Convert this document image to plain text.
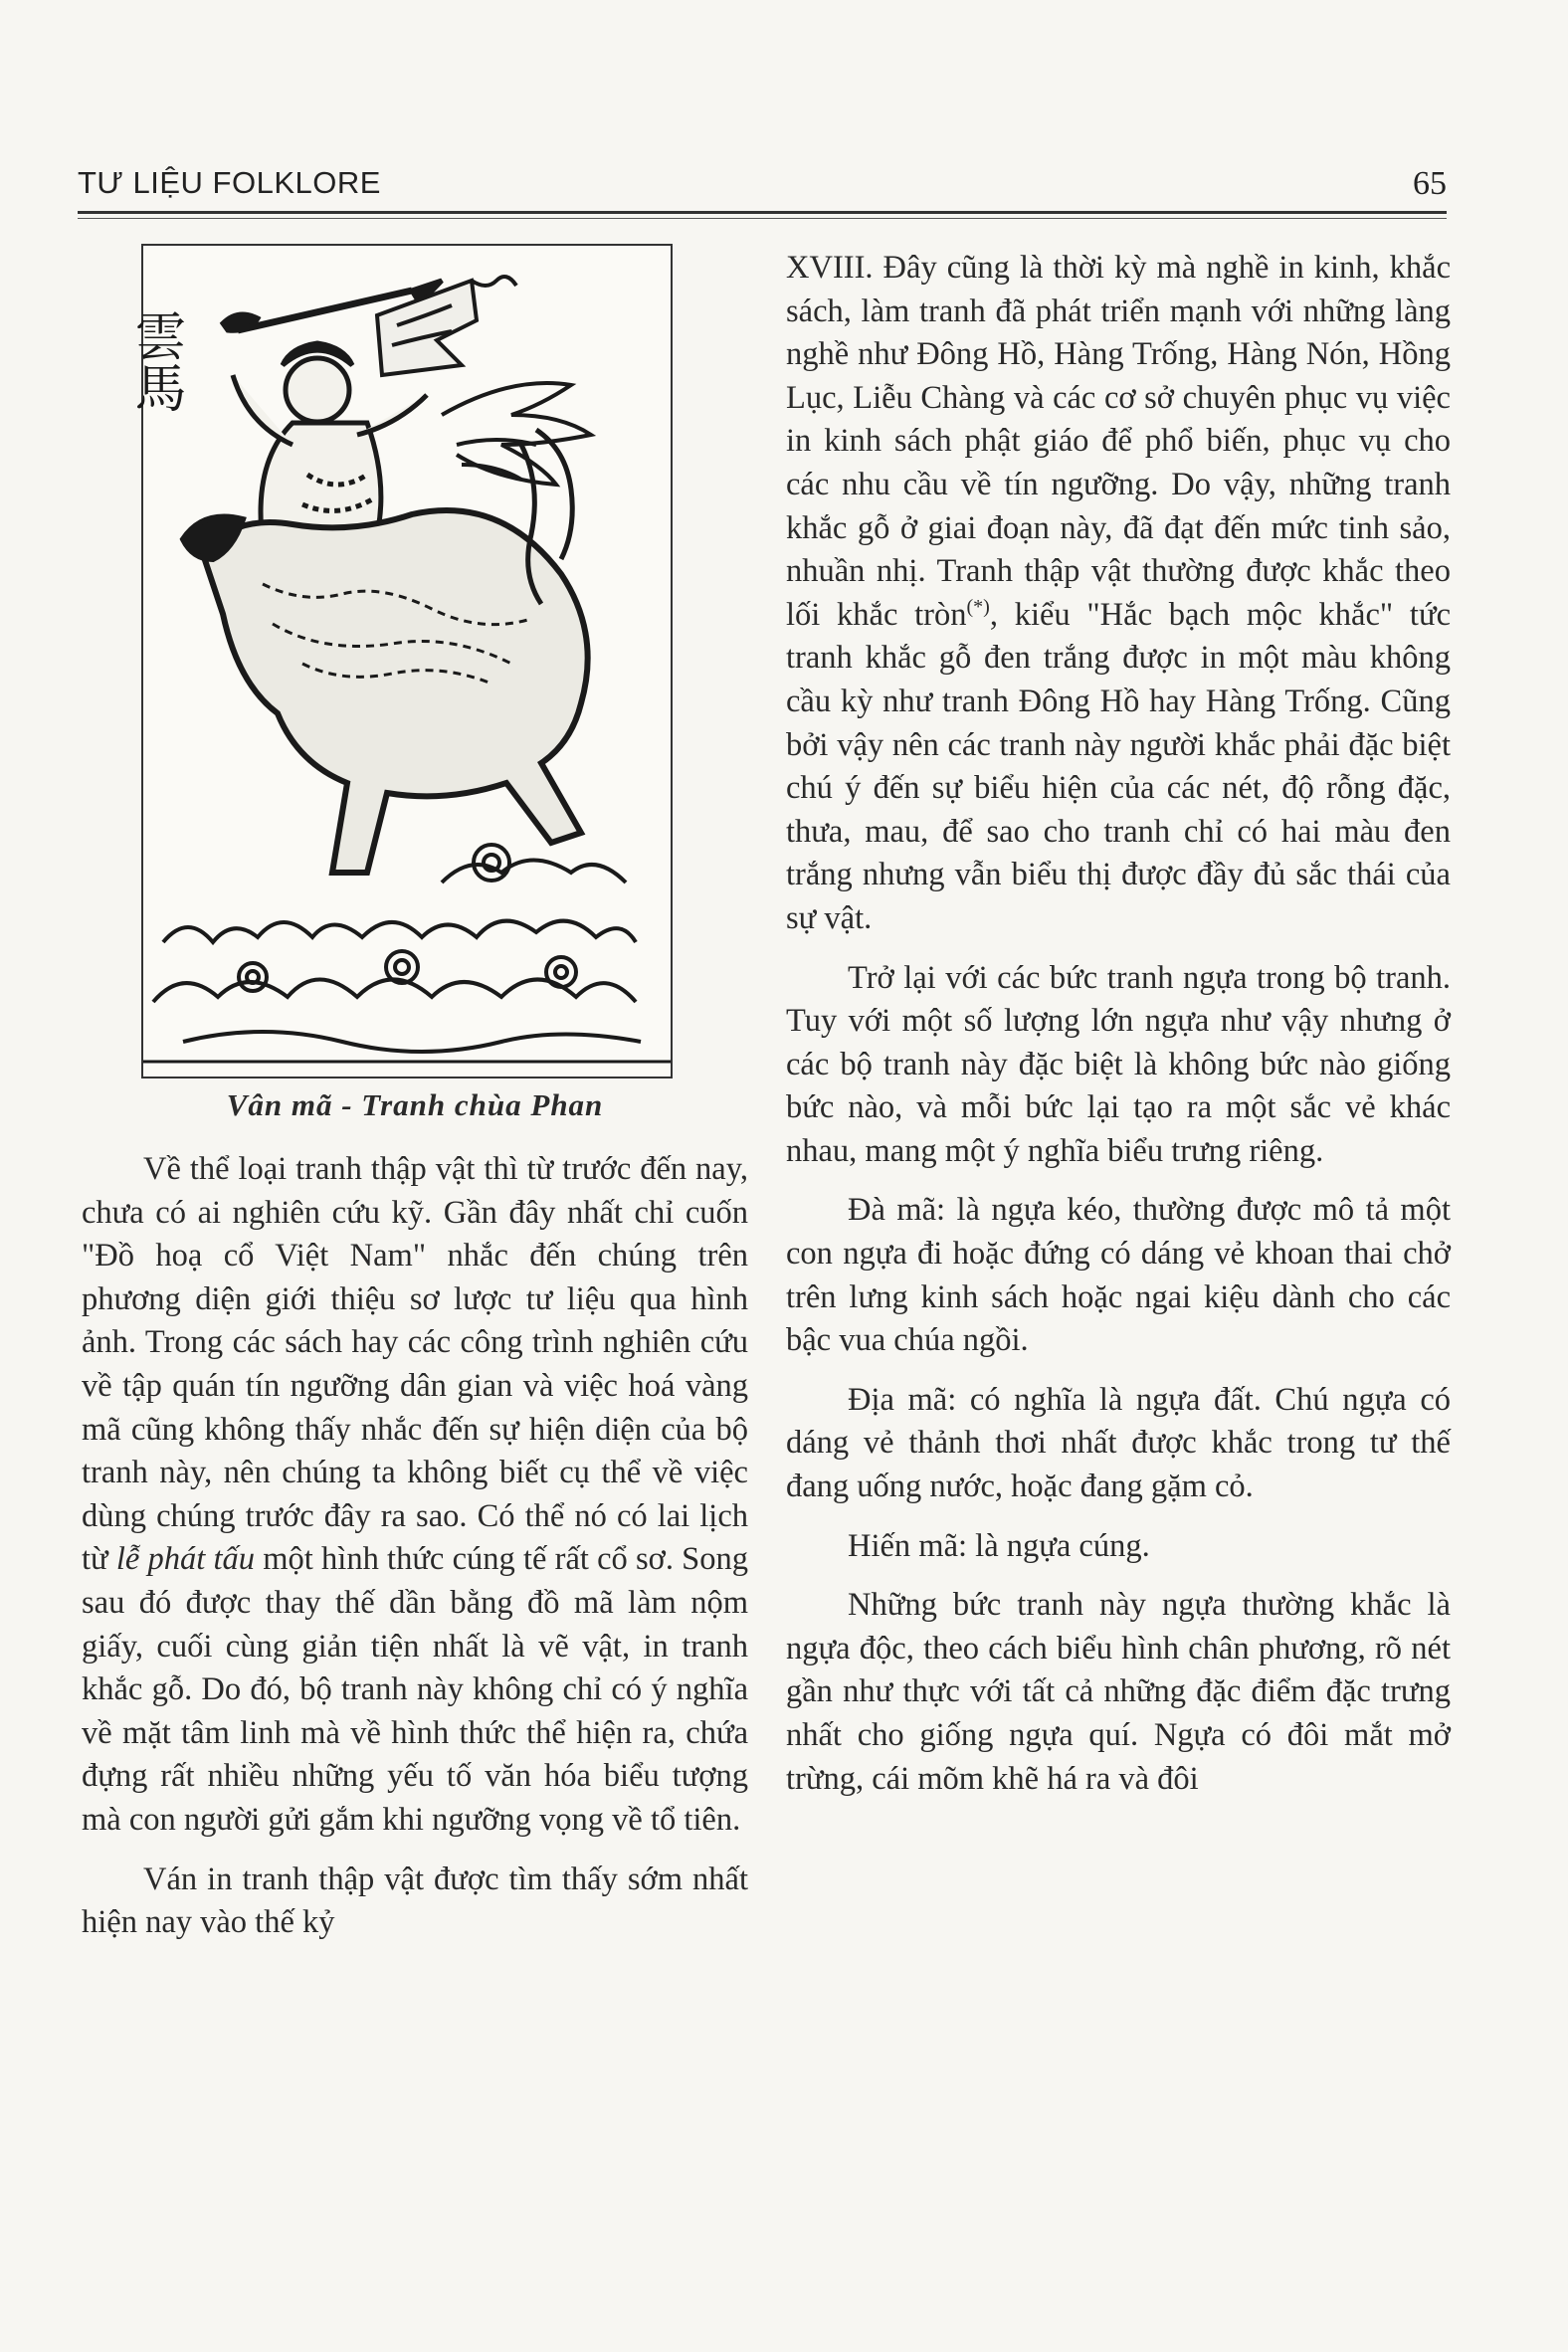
TƯ LIỆU FOLKLORE	65
雲馬
Vân mã - Tranh chùa Phan

Về thể loại tranh thập vật thì từ trước đến nay, chưa có ai nghiên cứu kỹ. Gần đây nhất chỉ cuốn "Đồ hoạ cổ Việt Nam" nhắc đến chúng trên phương diện giới thiệu sơ lược tư liệu qua hình ảnh. Trong các sách hay các công trình nghiên cứu về tập quán tín ngưỡng dân gian và việc hoá vàng mã cũng không thấy nhắc đến sự hiện diện của bộ tranh này, nên chúng ta không biết cụ thể về việc dùng chúng trước đây ra sao. Có thể nó có lai lịch từ lễ phát tấu một hình thức cúng tế rất cổ sơ. Song sau đó được thay thế dần bằng đồ mã làm nộm giấy, cuối cùng giản tiện nhất là vẽ vật, in tranh khắc gỗ. Do đó, bộ tranh này không chỉ có ý nghĩa về mặt tâm linh mà về hình thức thể hiện ra, chứa đựng rất nhiều những yếu tố văn hóa biểu tượng mà con người gửi gắm khi ngưỡng vọng về tổ tiên.

Ván in tranh thập vật được tìm thấy sớm nhất hiện nay vào thế kỷ

XVIII. Đây cũng là thời kỳ mà nghề in kinh, khắc sách, làm tranh đã phát triển mạnh với những làng nghề như Đông Hồ, Hàng Trống, Hàng Nón, Hồng Lục, Liễu Chàng và các cơ sở chuyên phục vụ việc in kinh sách phật giáo để phổ biến, phục vụ cho các nhu cầu về tín ngưỡng. Do vậy, những tranh khắc gỗ ở giai đoạn này, đã đạt đến mức tinh sảo, nhuần nhị. Tranh thập vật thường được khắc theo lối khắc tròn(*), kiểu "Hắc bạch mộc khắc" tức tranh khắc gỗ đen trắng được in một màu không cầu kỳ như tranh Đông Hồ hay Hàng Trống. Cũng bởi vậy nên các tranh này người khắc phải đặc biệt chú ý đến sự biểu hiện của các nét, độ rỗng đặc, thưa, mau, để sao cho tranh chỉ có hai màu đen trắng nhưng vẫn biểu thị được đầy đủ sắc thái của sự vật.

Trở lại với các bức tranh ngựa trong bộ tranh. Tuy với một số lượng lớn ngựa như vậy nhưng ở các bộ tranh này đặc biệt là không bức nào giống bức nào, và mỗi bức lại tạo ra một sắc vẻ khác nhau, mang một ý nghĩa biểu trưng riêng.

Đà mã: là ngựa kéo, thường được mô tả một con ngựa đi hoặc đứng có dáng vẻ khoan thai chở trên lưng kinh sách hoặc ngai kiệu dành cho các bậc vua chúa ngồi.

Địa mã: có nghĩa là ngựa đất. Chú ngựa có dáng vẻ thảnh thơi nhất được khắc trong tư thế đang uống nước, hoặc đang gặm cỏ.

Hiến mã: là ngựa cúng.

Những bức tranh này ngựa thường khắc là ngựa độc, theo cách biểu hình chân phương, rõ nét gần như thực với tất cả những đặc điểm đặc trưng nhất cho giống ngựa quí. Ngựa có đôi mắt mở trừng, cái mõm khẽ há ra và đôi
